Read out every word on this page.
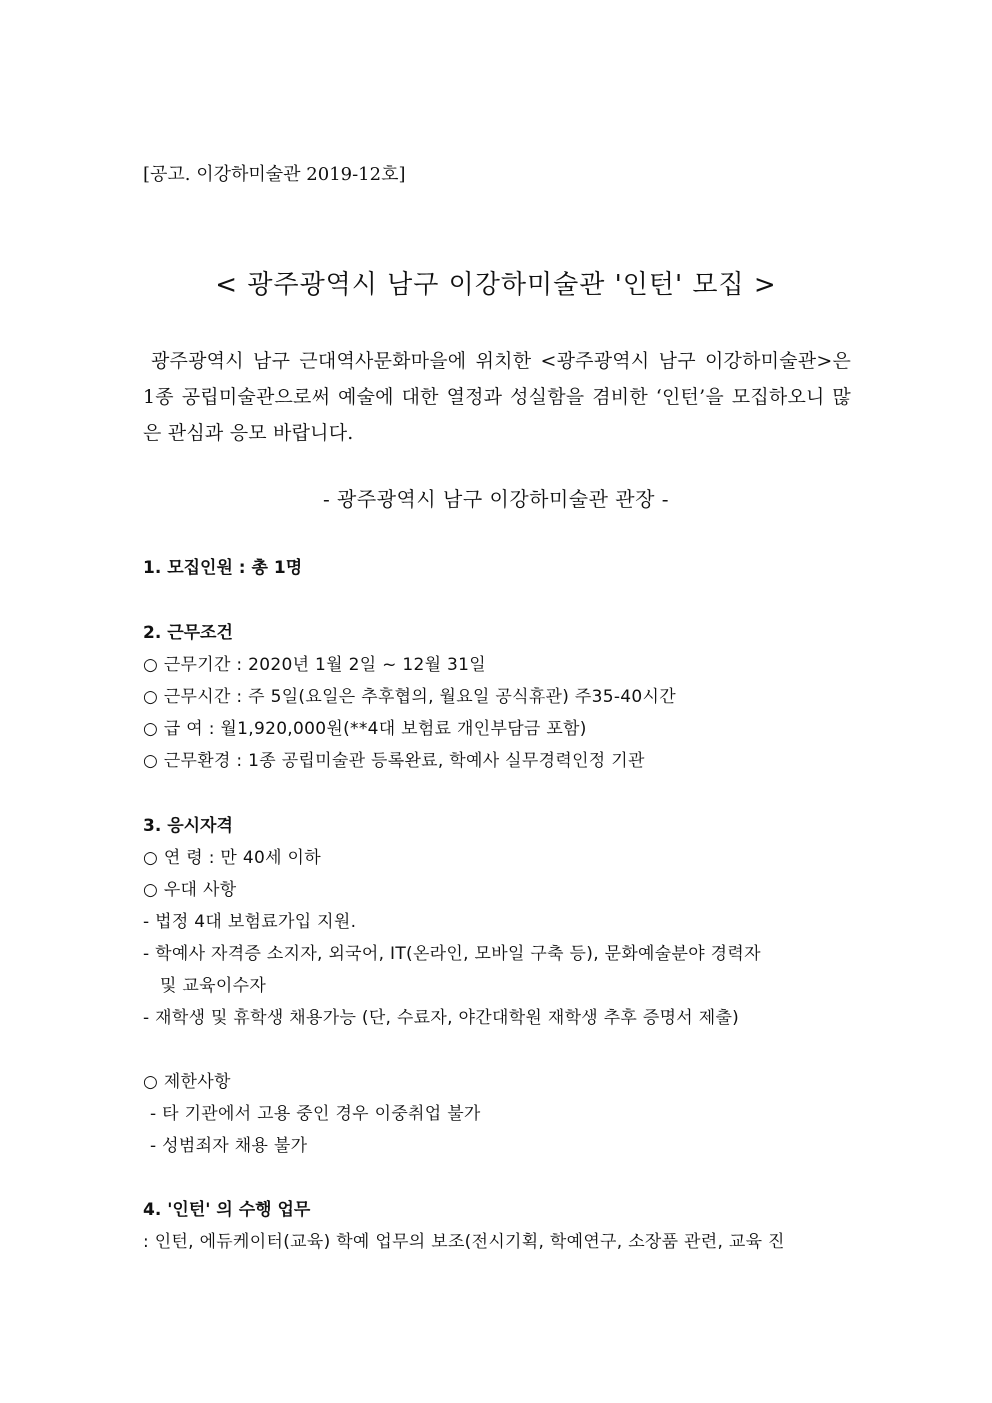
[공고. 이강하미술관 2019-12호]
< 광주광역시 남구 이강하미술관 '인턴' 모집 >
광주광역시 남구 근대역사문화마을에 위치한 <광주광역시 남구 이강하미술관>은 1종 공립미술관으로써 예술에 대한 열정과 성실함을 겸비한 ‘인턴’을 모집하오니 많은 관심과 응모 바랍니다.
- 광주광역시 남구 이강하미술관 관장 -
1. 모집인원 : 총 1명
2. 근무조건
○ 근무기간 : 2020년 1월 2일 ~ 12월 31일
○ 근무시간 : 주 5일(요일은 추후협의, 월요일 공식휴관) 주35-40시간
○ 급 여 : 월1,920,000원(**4대 보험료 개인부담금 포함)
○ 근무환경 : 1종 공립미술관 등록완료, 학예사 실무경력인정 기관
3. 응시자격
○ 연 령 : 만 40세 이하
○ 우대 사항
- 법정 4대 보험료가입 지원.
- 학예사 자격증 소지자, 외국어, IT(온라인, 모바일 구축 등), 문화예술분야 경력자
및 교육이수자
- 재학생 및 휴학생 채용가능 (단, 수료자, 야간대학원 재학생 추후 증명서 제출)
○ 제한사항
- 타 기관에서 고용 중인 경우 이중취업 불가
- 성범죄자 채용 불가
4. '인턴' 의 수행 업무
: 인턴, 에듀케이터(교육) 학예 업무의 보조(전시기획, 학예연구, 소장품 관련, 교육 진
